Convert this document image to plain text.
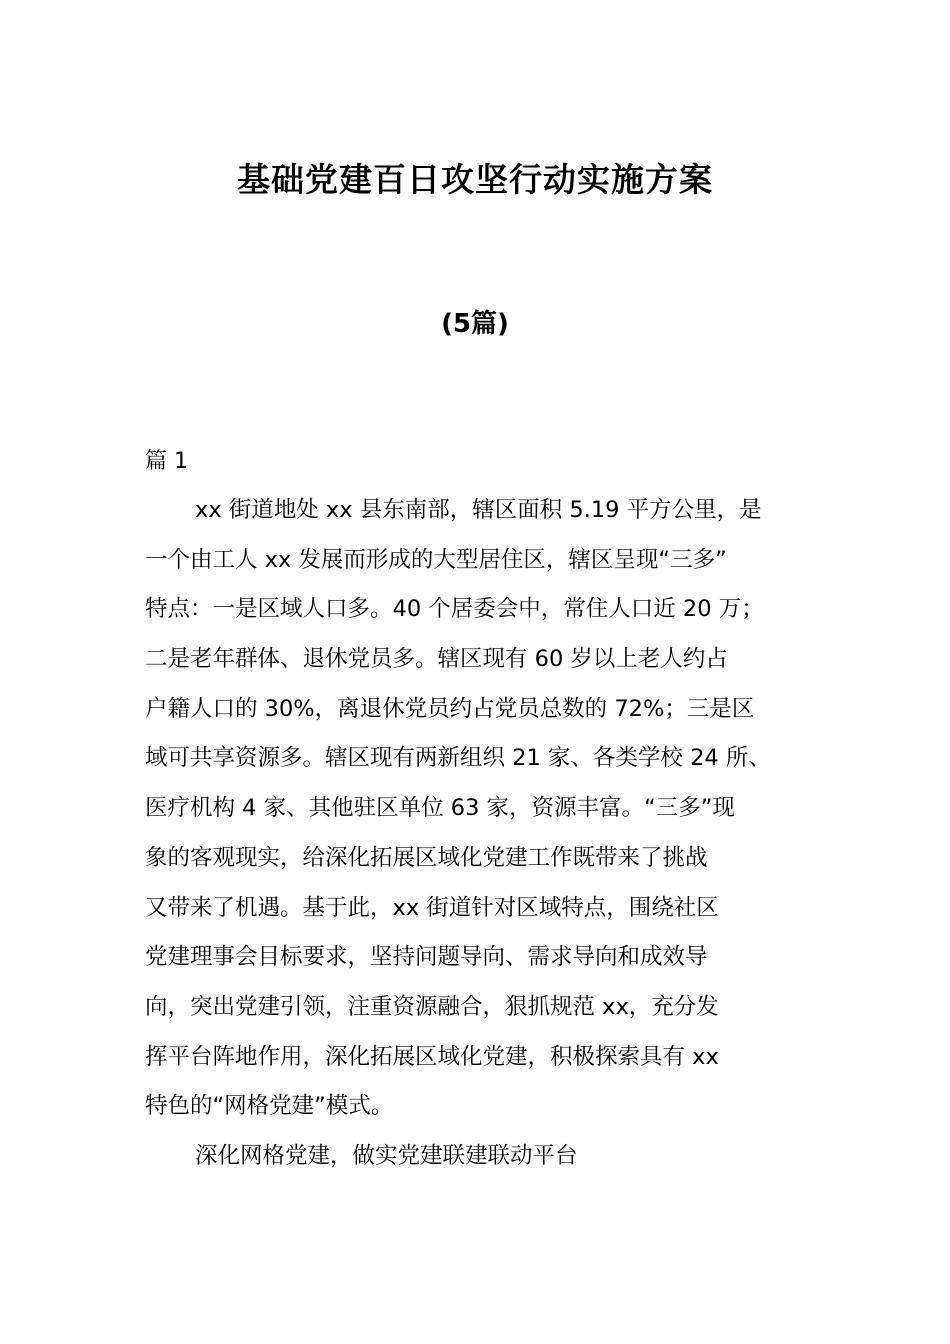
基础党建百日攻坚行动实施方案
(5篇)

篇 1

xx 街道地处 xx 县东南部，辖区面积 5.19 平方公里，是
一个由工人 xx 发展而形成的大型居住区，辖区呈现“三多”
特点：一是区域人口多。40 个居委会中，常住人口近 20 万；
二是老年群体、退休党员多。辖区现有 60 岁以上老人约占
户籍人口的 30%，离退休党员约占党员总数的 72%；三是区
域可共享资源多。辖区现有两新组织 21 家、各类学校 24 所、
医疗机构 4 家、其他驻区单位 63 家，资源丰富。“三多”现
象的客观现实，给深化拓展区域化党建工作既带来了挑战
又带来了机遇。基于此，xx 街道针对区域特点，围绕社区
党建理事会目标要求，坚持问题导向、需求导向和成效导
向，突出党建引领，注重资源融合，狠抓规范 xx，充分发
挥平台阵地作用，深化拓展区域化党建，积极探索具有 xx
特色的“网格党建”模式。
深化网格党建，做实党建联建联动平台
